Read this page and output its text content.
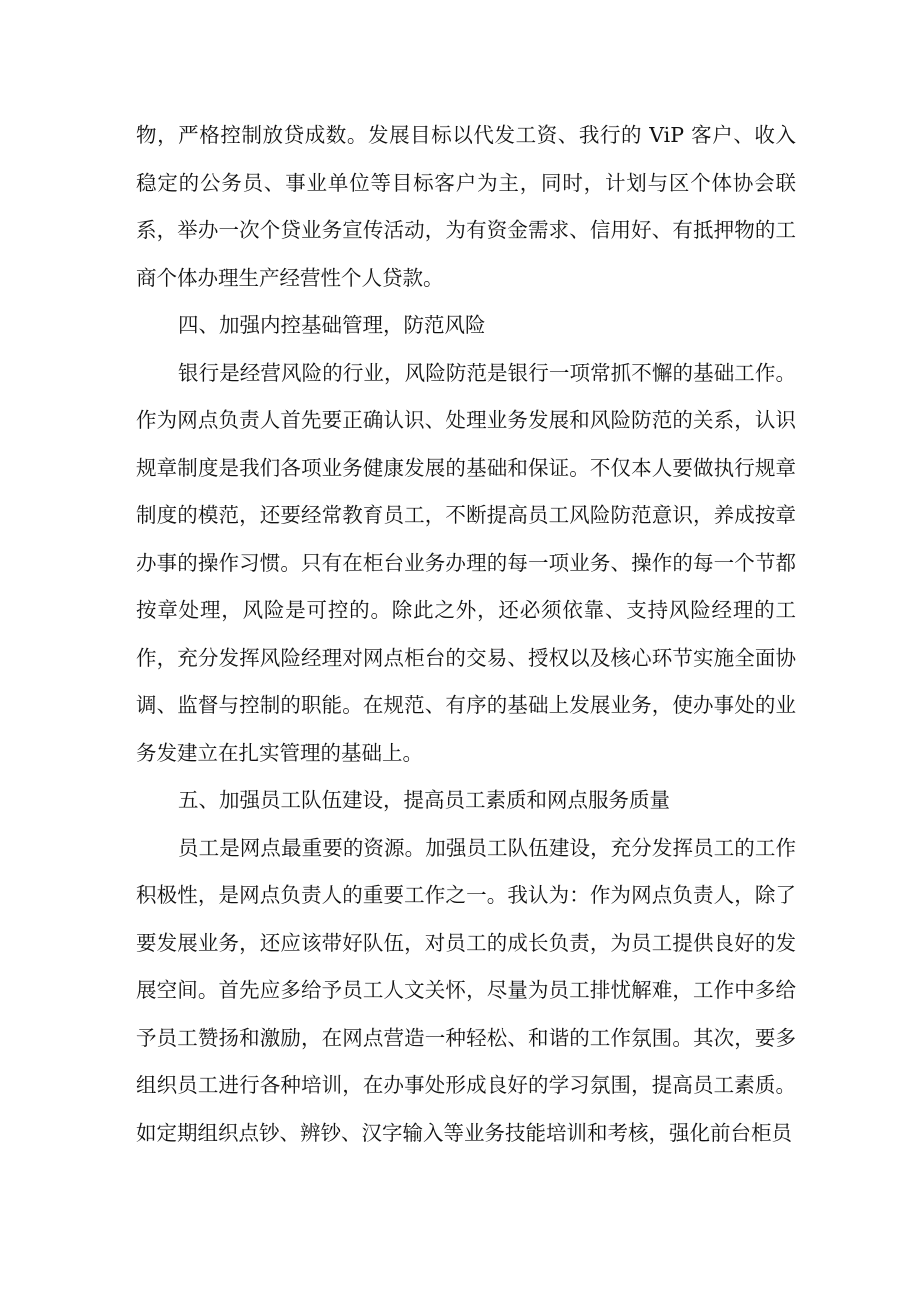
物，严格控制放贷成数。发展目标以代发工资、我行的 ViP 客户、收入稳定的公务员、事业单位等目标客户为主，同时，计划与区个体协会联系，举办一次个贷业务宣传活动，为有资金需求、信用好、有抵押物的工商个体办理生产经营性个人贷款。

四、加强内控基础管理，防范风险

银行是经营风险的行业，风险防范是银行一项常抓不懈的基础工作。作为网点负责人首先要正确认识、处理业务发展和风险防范的关系，认识规章制度是我们各项业务健康发展的基础和保证。不仅本人要做执行规章制度的模范，还要经常教育员工，不断提高员工风险防范意识，养成按章办事的操作习惯。只有在柜台业务办理的每一项业务、操作的每一个节都按章处理，风险是可控的。除此之外，还必须依靠、支持风险经理的工作，充分发挥风险经理对网点柜台的交易、授权以及核心环节实施全面协调、监督与控制的职能。在规范、有序的基础上发展业务，使办事处的业务发建立在扎实管理的基础上。

五、加强员工队伍建设，提高员工素质和网点服务质量

员工是网点最重要的资源。加强员工队伍建设，充分发挥员工的工作积极性，是网点负责人的重要工作之一。我认为：作为网点负责人，除了要发展业务，还应该带好队伍，对员工的成长负责，为员工提供良好的发展空间。首先应多给予员工人文关怀，尽量为员工排忧解难，工作中多给予员工赞扬和激励，在网点营造一种轻松、和谐的工作氛围。其次，要多组织员工进行各种培训，在办事处形成良好的学习氛围，提高员工素质。如定期组织点钞、辨钞、汉字输入等业务技能培训和考核，强化前台柜员
